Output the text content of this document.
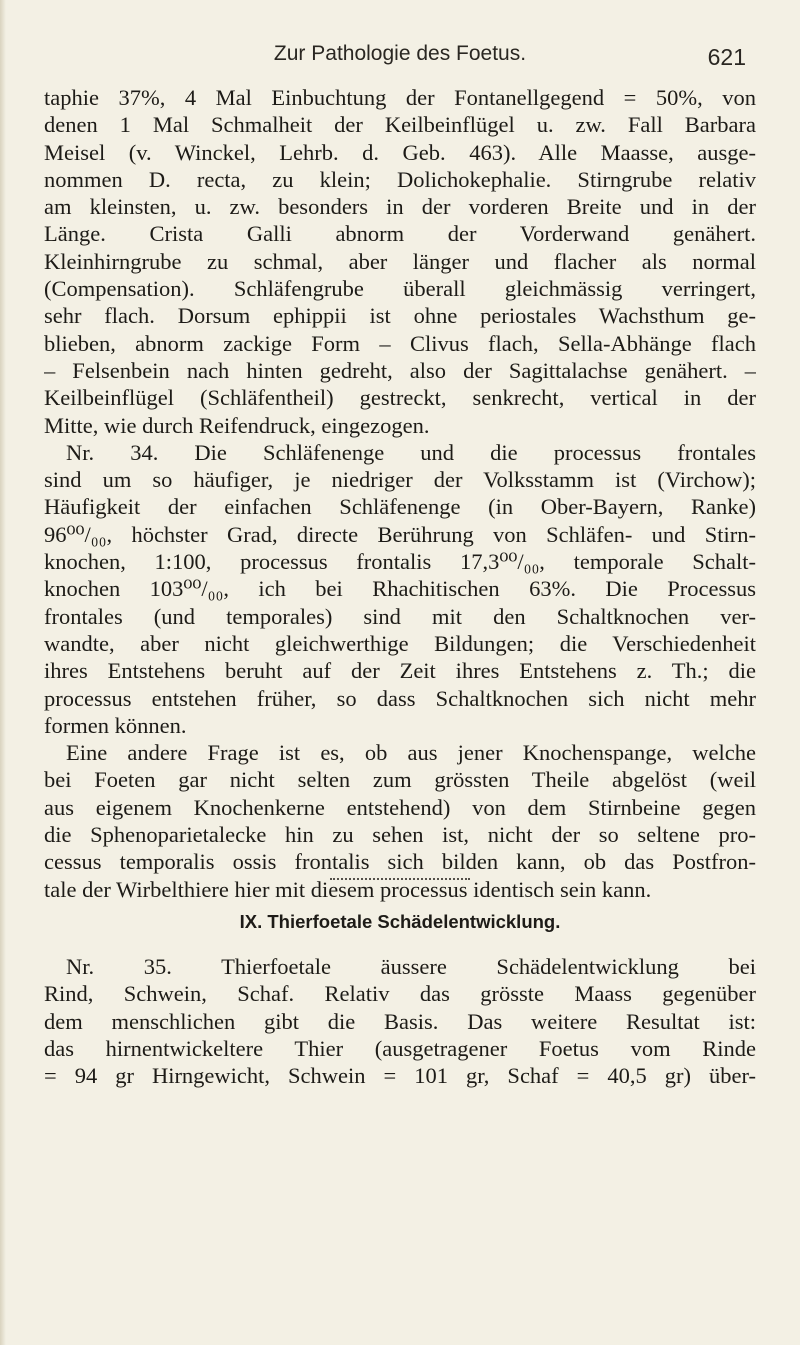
Zur Pathologie des Foetus.	621
taphie 37%, 4 Mal Einbuchtung der Fontanellgegend = 50%, von
denen 1 Mal Schmalheit der Keilbeinflügel u. zw. Fall Barbara
Meisel (v. Winckel, Lehrb. d. Geb. 463). Alle Maasse, ausge-
nommen D. recta, zu klein; Dolichokephalie. Stirngrube relativ
am kleinsten, u. zw. besonders in der vorderen Breite und in der
Länge. Crista Galli abnorm der Vorderwand genähert.
Kleinhirngrube zu schmal, aber länger und flacher als normal
(Compensation). Schläfengrube überall gleichmässig verringert,
sehr flach. Dorsum ephippii ist ohne periostales Wachsthum ge-
blieben, abnorm zackige Form – Clivus flach, Sella-Abhänge flach
– Felsenbein nach hinten gedreht, also der Sagittalachse genähert. –
Keilbeinflügel (Schläfentheil) gestreckt, senkrecht, vertical in der
Mitte, wie durch Reifendruck, eingezogen.
Nr. 34. Die Schläfenenge und die processus frontales
sind um so häufiger, je niedriger der Volksstamm ist (Virchow);
Häufigkeit der einfachen Schläfenenge (in Ober-Bayern, Ranke)
96⁰⁰/₀₀, höchster Grad, directe Berührung von Schläfen- und Stirn-
knochen, 1:100, processus frontalis 17,3⁰⁰/₀₀, temporale Schalt-
knochen 103⁰⁰/₀₀, ich bei Rhachitischen 63%. Die Processus
frontales (und temporales) sind mit den Schaltknochen ver-
wandte, aber nicht gleichwerthige Bildungen; die Verschiedenheit
ihres Entstehens beruht auf der Zeit ihres Entstehens z. Th.; die
processus entstehen früher, so dass Schaltknochen sich nicht mehr
formen können.
Eine andere Frage ist es, ob aus jener Knochenspange, welche
bei Foeten gar nicht selten zum grössten Theile abgelöst (weil
aus eigenem Knochenkerne entstehend) von dem Stirnbeine gegen
die Sphenoparietalecke hin zu sehen ist, nicht der so seltene pro-
cessus temporalis ossis frontalis sich bilden kann, ob das Postfron-
tale der Wirbelthiere hier mit diesem processus identisch sein kann.
IX. Thierfoetale Schädelentwicklung.
Nr. 35. Thierfoetale äussere Schädelentwicklung bei
Rind, Schwein, Schaf. Relativ das grösste Maass gegenüber
dem menschlichen gibt die Basis. Das weitere Resultat ist:
das hirnentwickeltere Thier (ausgetragener Foetus vom Rinde
= 94 gr Hirngewicht, Schwein = 101 gr, Schaf = 40,5 gr) über-
